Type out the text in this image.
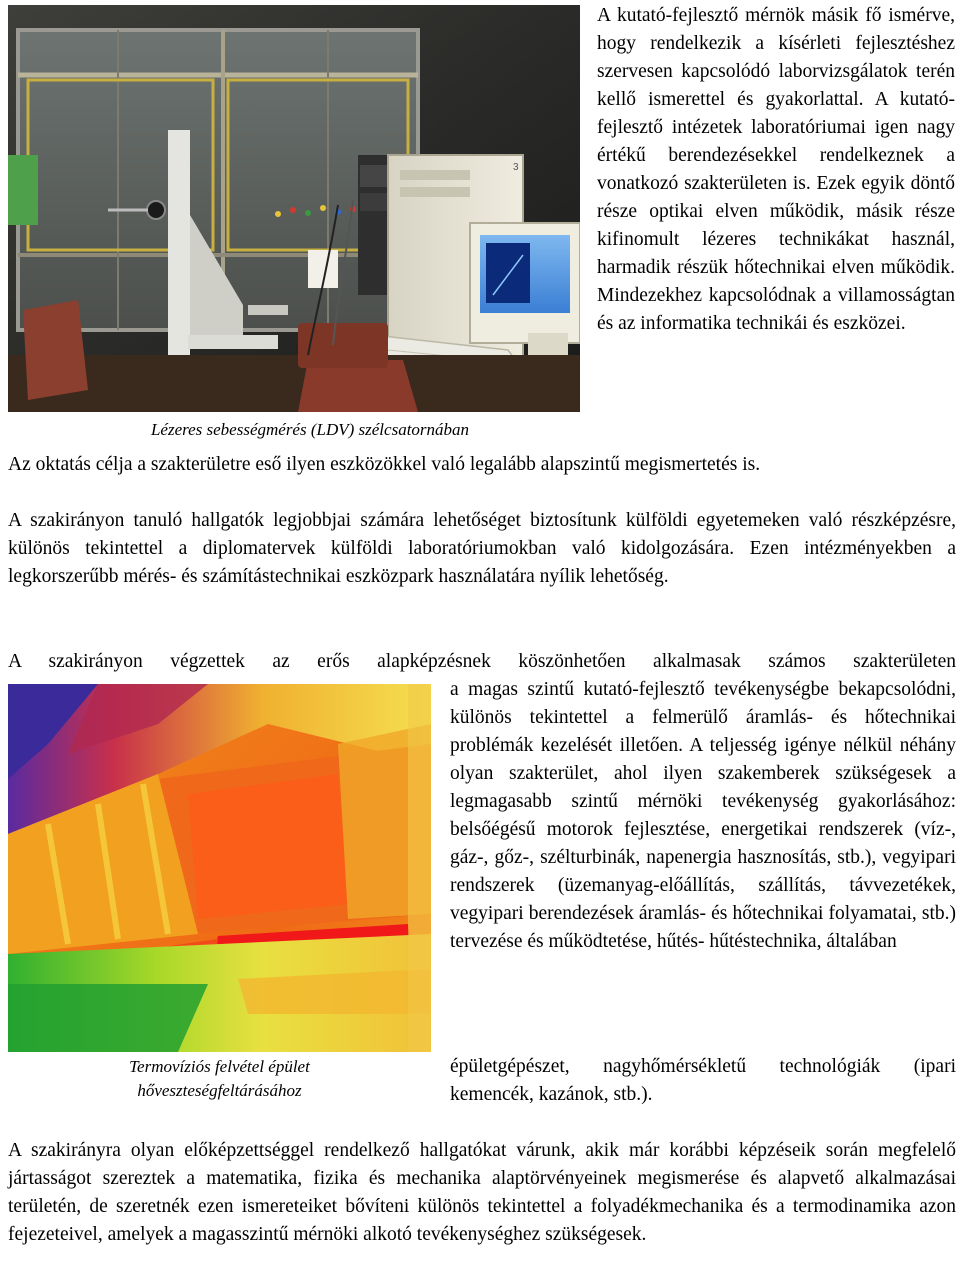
3

Lézeres sebességmérés (LDV) szélcsatornában

A kutató-fejlesztő mérnök másik fő ismérve, hogy rendelkezik a kísérleti fejlesztéshez szervesen kapcsolódó laborvizsgálatok terén kellő ismerettel és gyakorlattal. A kutató-fejlesztő intézetek laboratóriumai igen nagy értékű berendezésekkel rendelkeznek a vonatkozó szakterületen is. Ezek egyik döntő része optikai elven működik, másik része kifinomult lézeres technikákat használ, harmadik részük hőtechnikai elven működik. Mindezekhez kapcsolódnak a villamosságtan és az informatika technikái és eszközei.

Az oktatás célja a szakterületre eső ilyen eszközökkel való legalább alapszintű megismertetés is.

A szakirányon tanuló hallgatók legjobbjai számára lehetőséget biztosítunk külföldi egyetemeken való részképzésre, különös tekintettel a diplomatervek külföldi laboratóriumokban való kidolgozására. Ezen intézményekben a legkorszerűbb mérés- és számítástechnikai eszközpark használatára nyílik lehetőség.

A szakirányon végzettek az erős alapképzésnek köszönhetően alkalmasak számos szakterületen

Termovíziós felvétel épület

hőveszteségfeltárásához

a magas szintű kutató-fejlesztő tevékenységbe bekapcsolódni, különös tekintettel a felmerülő áramlás- és hőtechnikai problémák kezelését illetően. A teljesség igénye nélkül néhány olyan szakterület, ahol ilyen szakemberek szükségesek a legmagasabb szintű mérnöki tevékenység gyakorlásához: belsőégésű motorok fejlesztése, energetikai rendszerek (víz-, gáz-, gőz-, szélturbinák, napenergia hasznosítás, stb.), vegyipari rendszerek (üzemanyag-előállítás, szállítás, távvezetékek, vegyipari berendezések áramlás- és hőtechnikai folyamatai, stb.) tervezése és működtetése, hűtés- hűtéstechnika, általában

épületgépészet, nagyhőmérsékletű technológiák (ipari kemencék, kazánok, stb.).

A szakirányra olyan előképzettséggel rendelkező hallgatókat várunk, akik már korábbi képzéseik során megfelelő jártasságot szereztek a matematika, fizika és mechanika alaptörvényeinek megismerése és alapvető alkalmazásai területén, de szeretnék ezen ismereteiket bővíteni különös tekintettel a folyadékmechanika és a termodinamika azon fejezeteivel, amelyek a magasszintű mérnöki alkotó tevékenységhez szükségesek.
